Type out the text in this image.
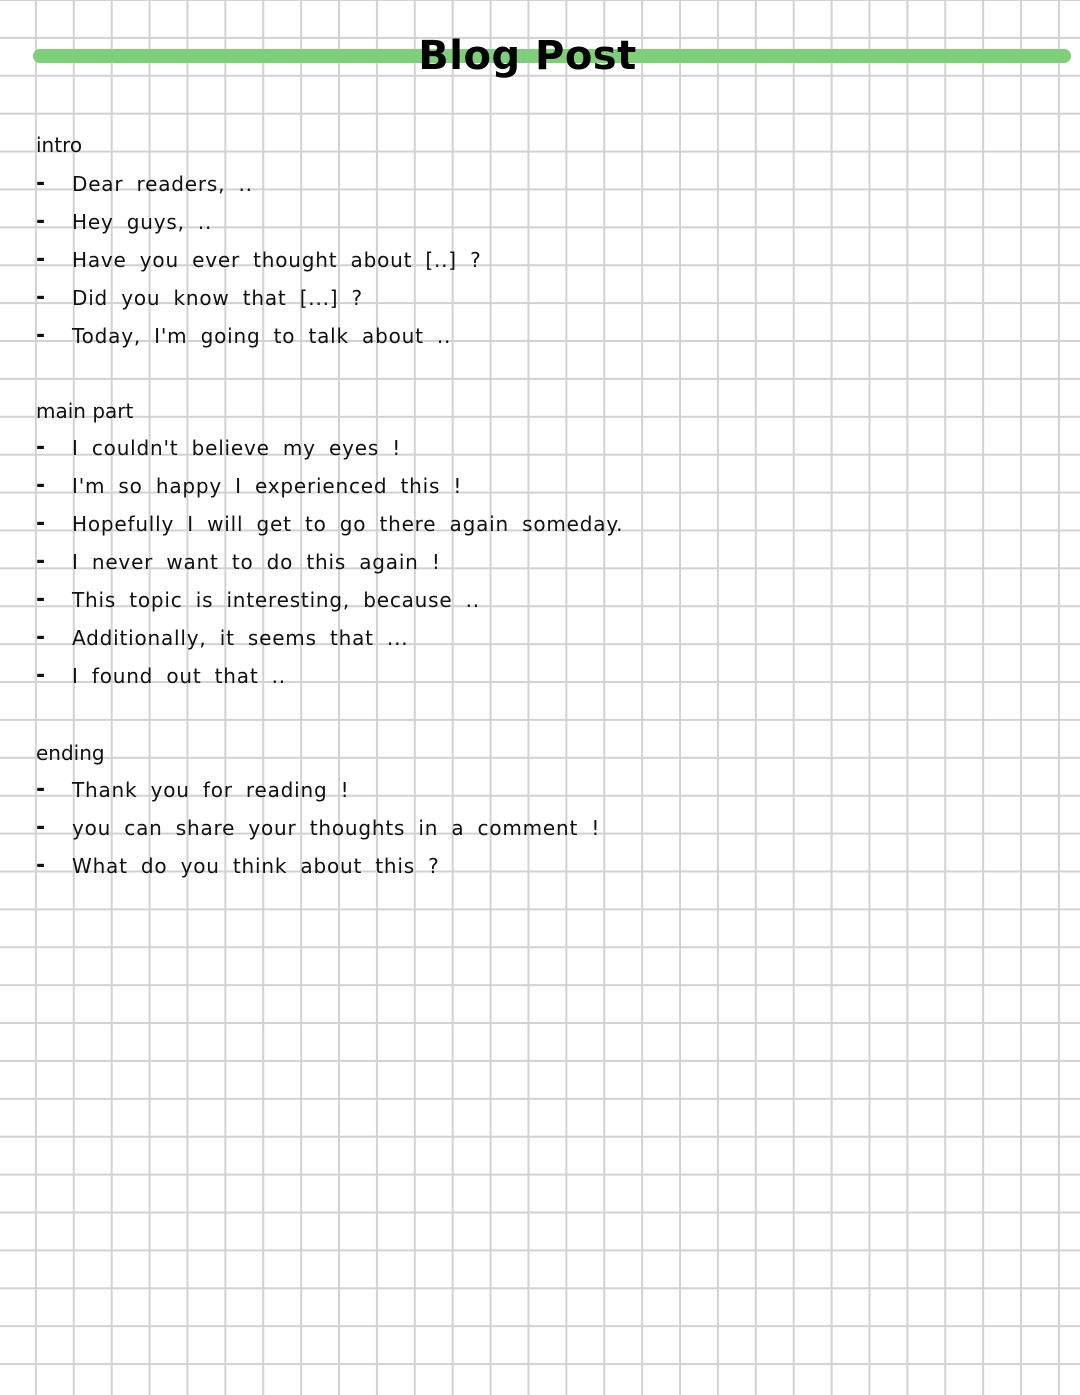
Blog Post
intro
- Dear readers, ..
- Hey guys, ..
- Have you ever thought about [..] ?
- Did you know that [...] ?
- Today, I'm going to talk about ..
main part
- I couldn't believe my eyes !
- I'm so happy I experienced this !
- Hopefully I will get to go there again someday.
- I never want to do this again !
- This topic is interesting, because ..
- Additionally, it seems that ...
- I found out that ..
ending
- Thank you for reading !
- you can share your thoughts in a comment !
- What do you think about this ?
